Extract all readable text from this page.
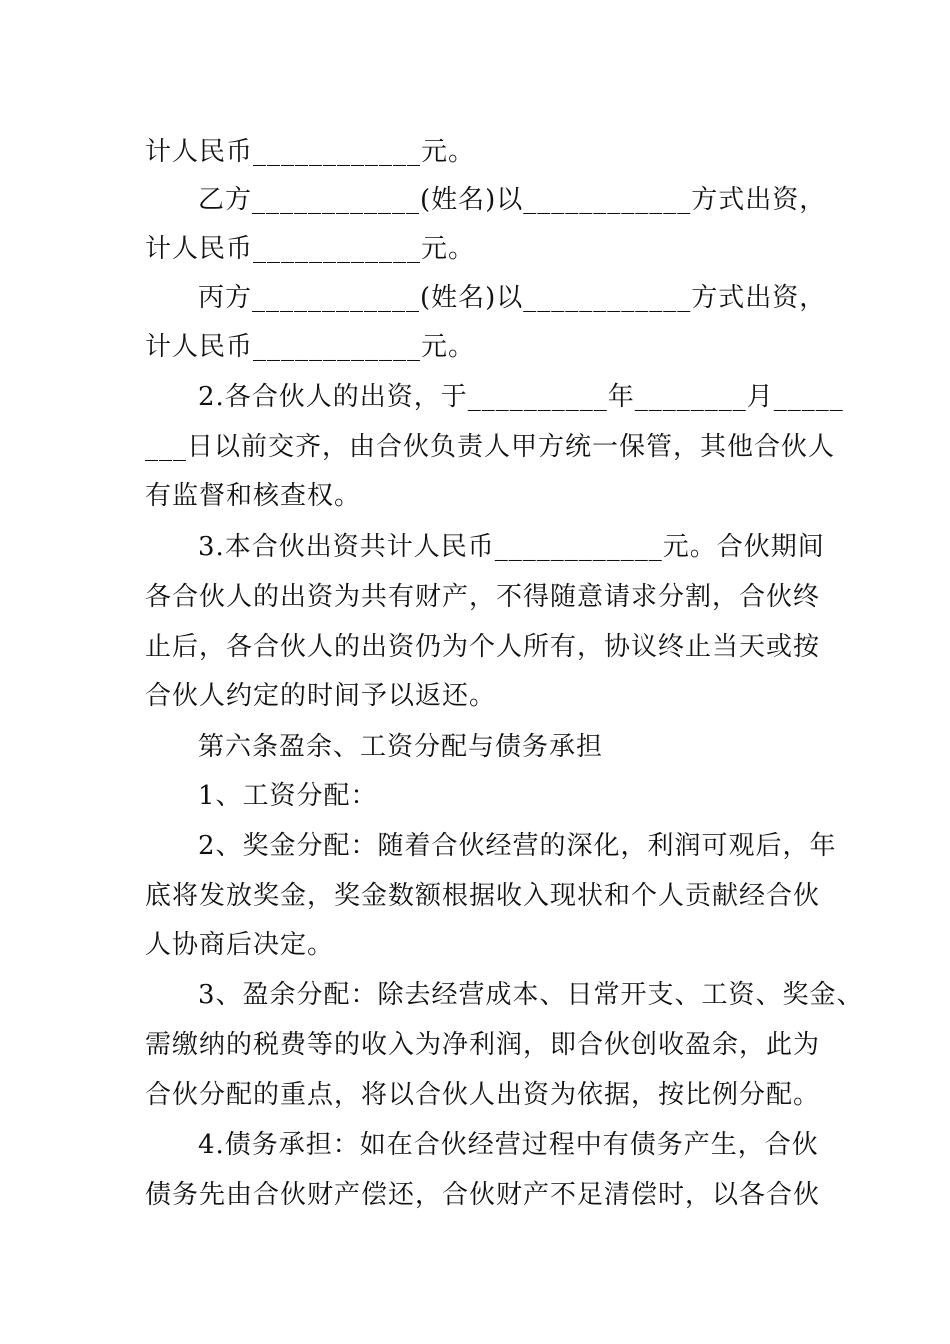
计人民币____________元。
乙方____________(姓名)以____________方式出资，
计人民币____________元。
丙方____________(姓名)以____________方式出资，
计人民币____________元。
2.各合伙人的出资，于__________年________月_____
___日以前交齐，由合伙负责人甲方统一保管，其他合伙人
有监督和核查权。
3.本合伙出资共计人民币____________元。合伙期间
各合伙人的出资为共有财产，不得随意请求分割，合伙终
止后，各合伙人的出资仍为个人所有，协议终止当天或按
合伙人约定的时间予以返还。
第六条盈余、工资分配与债务承担
1、工资分配：
2、奖金分配：随着合伙经营的深化，利润可观后，年
底将发放奖金，奖金数额根据收入现状和个人贡献经合伙
人协商后决定。
3、盈余分配：除去经营成本、日常开支、工资、奖金、
需缴纳的税费等的收入为净利润，即合伙创收盈余，此为
合伙分配的重点，将以合伙人出资为依据，按比例分配。
4.债务承担：如在合伙经营过程中有债务产生，合伙
债务先由合伙财产偿还，合伙财产不足清偿时，以各合伙
